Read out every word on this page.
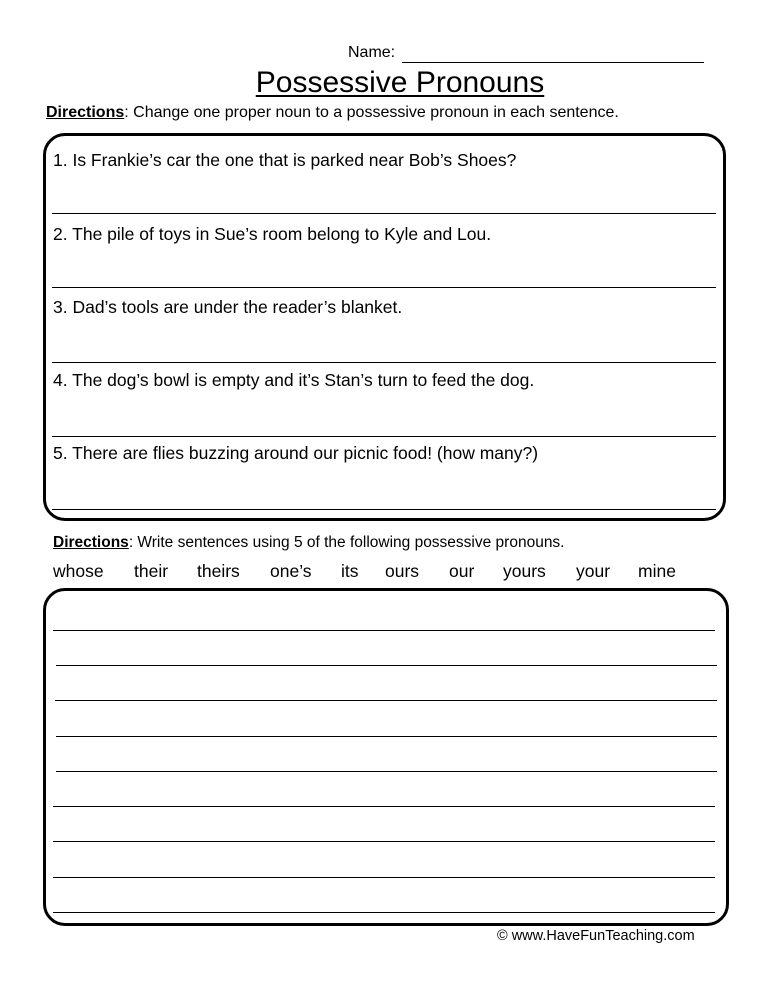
Name:
Possessive Pronouns
Directions: Change one proper noun to a possessive pronoun in each sentence.
1. Is Frankie’s car the one that is parked near Bob’s Shoes?
2. The pile of toys in Sue’s room belong to Kyle and Lou.
3. Dad’s tools are under the reader’s blanket.
4. The dog’s bowl is empty and it’s Stan’s turn to feed the dog.
5. There are flies buzzing around our picnic food! (how many?)
Directions: Write sentences using 5 of the following possessive pronouns.
whose their theirs one’s its ours our yours your mine
© www.HaveFunTeaching.com
